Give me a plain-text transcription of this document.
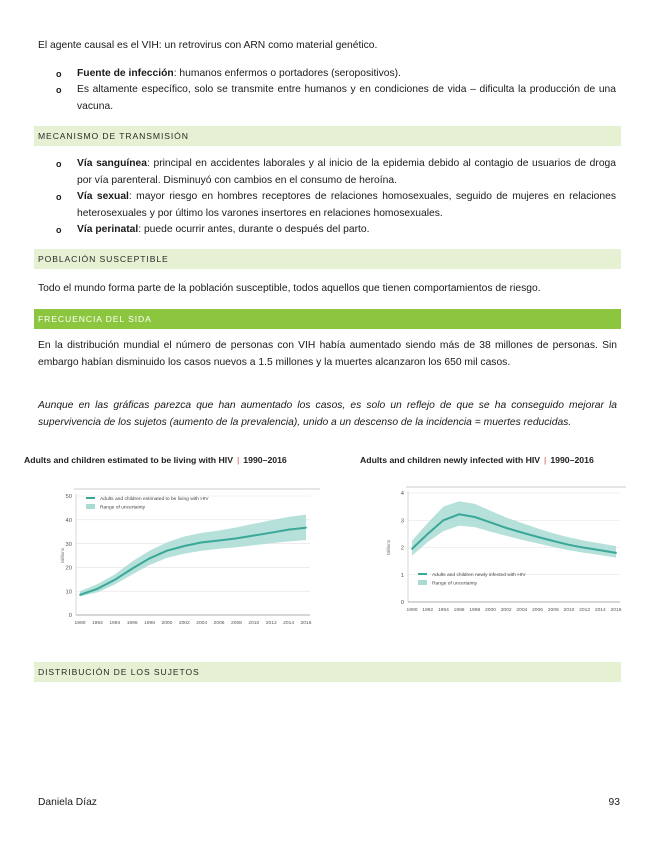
El agente causal es el VIH: un retrovirus con ARN como material genético.
o Fuente de infección: humanos enfermos o portadores (seropositivos).
o Es altamente específico, solo se transmite entre humanos y en condiciones de vida – dificulta la producción de una vacuna.
MECANISMO DE TRANSMISIÓN
o Vía sanguínea: principal en accidentes laborales y al inicio de la epidemia debido al contagio de usuarios de droga por vía parenteral. Disminuyó con cambios en el consumo de heroína.
o Vía sexual: mayor riesgo en hombres receptores de relaciones homosexuales, seguido de mujeres en relaciones heterosexuales y por último los varones insertores en relaciones homosexuales.
o Vía perinatal: puede ocurrir antes, durante o después del parto.
POBLACIÓN SUSCEPTIBLE
Todo el mundo forma parte de la población susceptible, todos aquellos que tienen comportamientos de riesgo.
FRECUENCIA DEL SIDA
En la distribución mundial el número de personas con VIH había aumentado siendo más de 38 millones de personas. Sin embargo habían disminuido los casos nuevos a 1.5 millones y la muertes alcanzaron los 650 mil casos.
Aunque en las gráficas parezca que han aumentado los casos, es solo un reflejo de que se ha conseguido mejorar la supervivencia de los sujetos (aumento de la prevalencia), unido a un descenso de la incidencia = muertes reducidas.
Adults and children estimated to be living with HIV | 1990–2016	Adults and children newly infected with HIV | 1990–2016
0
10
20
30
40
50
Millions
1990 1992 1994 1996 1998 2000 2002 2004 2006 2008 2010 2012 2014 2016
Adults and children estimated to be living with HIV
Range of uncertainty
0
1
2
3
4
Millions
1990 1992 1994 1996 1998 2000 2002 2004 2006 2008 2010 2012 2014 2016
Adults and children newly infected with HIV
Range of uncertainty
DISTRIBUCIÓN DE LOS SUJETOS
Daniela Díaz	93
